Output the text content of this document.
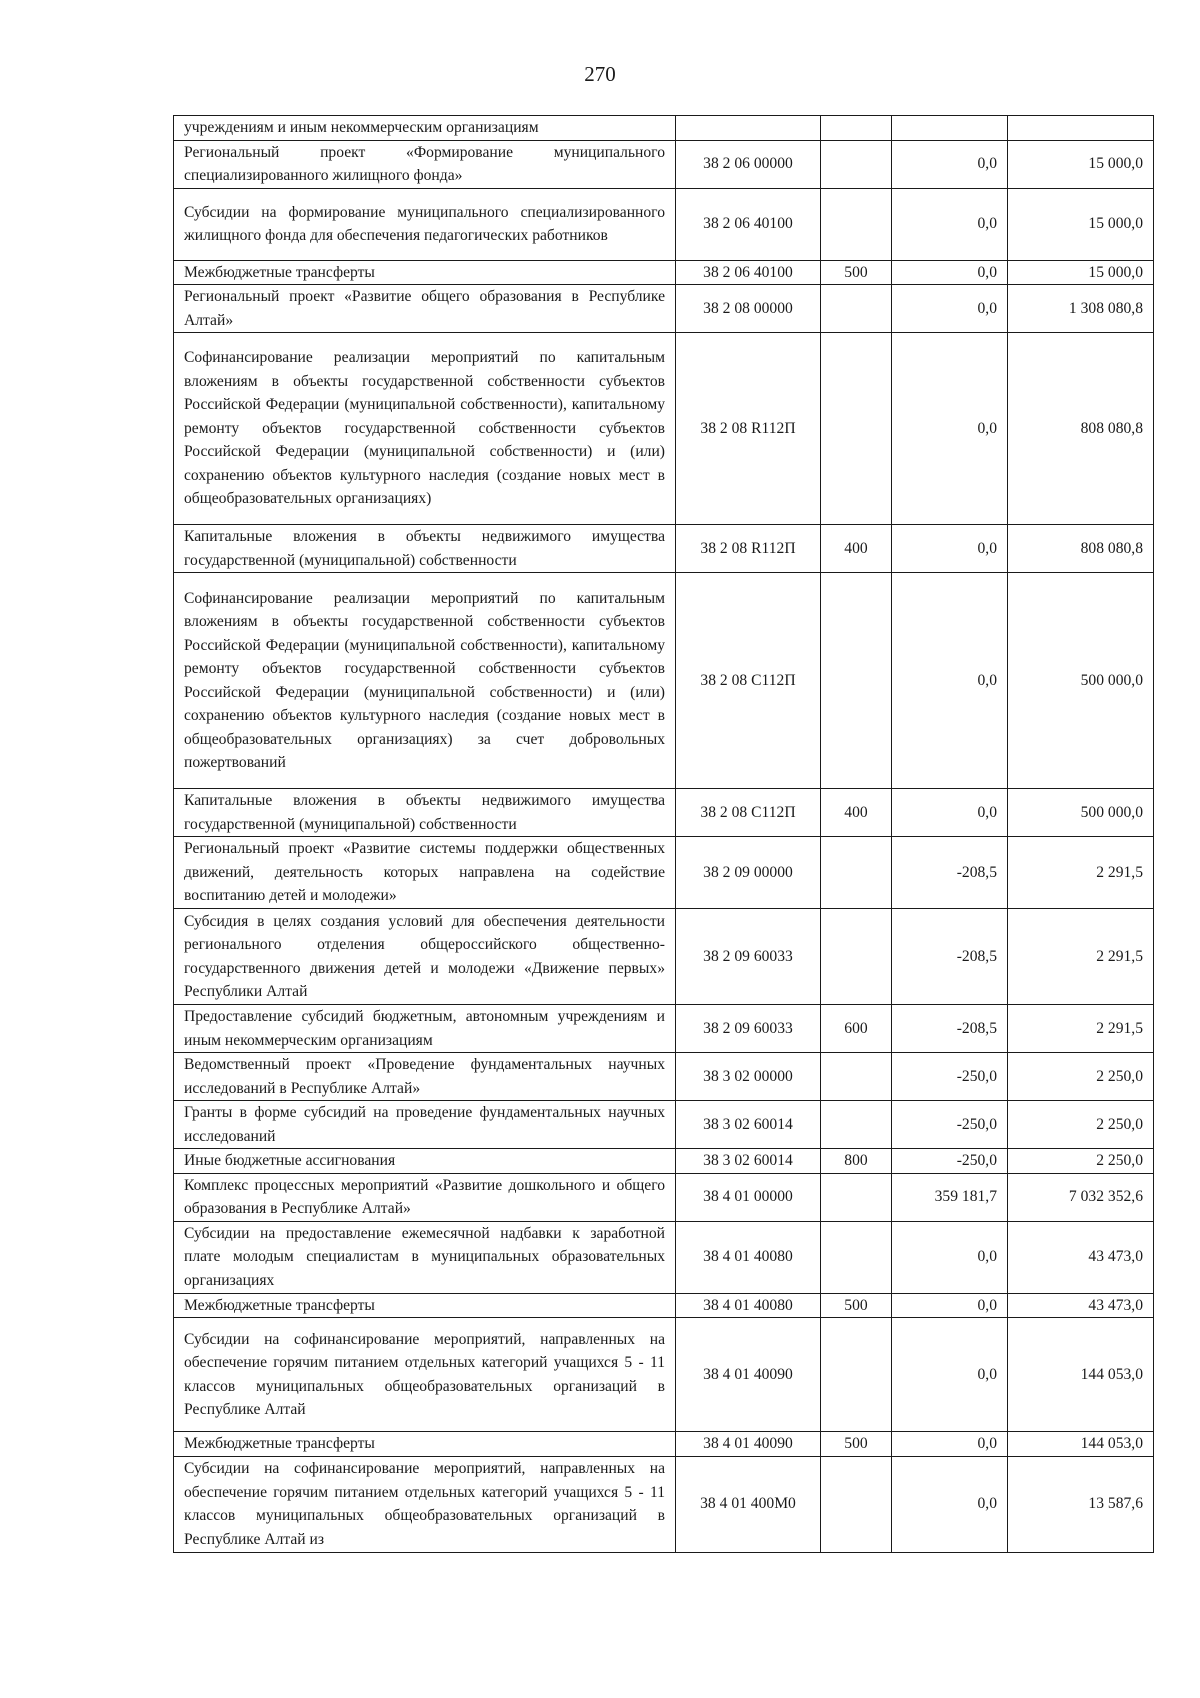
270
учреждениям и иным некоммерческим организациям				
Региональный проект «Формирование муниципального специализированного жилищного фонда»	38 2 06 00000		0,0	15 000,0
Субсидии на формирование муниципального специализированного жилищного фонда для обеспечения педагогических работников	38 2 06 40100		0,0	15 000,0
Межбюджетные трансферты	38 2 06 40100	500	0,0	15 000,0
Региональный проект «Развитие общего образования в Республике Алтай»	38 2 08 00000		0,0	1 308 080,8
Софинансирование реализации мероприятий по капитальным вложениям в объекты государственной собственности субъектов Российской Федерации (муниципальной собственности), капитальному ремонту объектов государственной собственности субъектов Российской Федерации (муниципальной собственности) и (или) сохранению объектов культурного наследия (создание новых мест в общеобразовательных организациях)	38 2 08 R112П		0,0	808 080,8
Капитальные вложения в объекты недвижимого имущества государственной (муниципальной) собственности	38 2 08 R112П	400	0,0	808 080,8
Софинансирование реализации мероприятий по капитальным вложениям в объекты государственной собственности субъектов Российской Федерации (муниципальной собственности), капитальному ремонту объектов государственной собственности субъектов Российской Федерации (муниципальной собственности) и (или) сохранению объектов культурного наследия (создание новых мест в общеобразовательных организациях) за счет добровольных пожертвований	38 2 08 С112П		0,0	500 000,0
Капитальные вложения в объекты недвижимого имущества государственной (муниципальной) собственности	38 2 08 С112П	400	0,0	500 000,0
Региональный проект «Развитие системы поддержки общественных движений, деятельность которых направлена на содействие воспитанию детей и молодежи»	38 2 09 00000		-208,5	2 291,5
Субсидия в целях создания условий для обеспечения деятельности регионального отделения общероссийского общественно-государственного движения детей и молодежи «Движение первых» Республики Алтай	38 2 09 60033		-208,5	2 291,5
Предоставление субсидий бюджетным, автономным учреждениям и иным некоммерческим организациям	38 2 09 60033	600	-208,5	2 291,5
Ведомственный проект «Проведение фундаментальных научных исследований в Республике Алтай»	38 3 02 00000		-250,0	2 250,0
Гранты в форме субсидий на проведение фундаментальных научных исследований	38 3 02 60014		-250,0	2 250,0
Иные бюджетные ассигнования	38 3 02 60014	800	-250,0	2 250,0
Комплекс процессных мероприятий «Развитие дошкольного и общего образования в Республике Алтай»	38 4 01 00000		359 181,7	7 032 352,6
Субсидии на предоставление ежемесячной надбавки к заработной плате молодым специалистам в муниципальных образовательных организациях	38 4 01 40080		0,0	43 473,0
Межбюджетные трансферты	38 4 01 40080	500	0,0	43 473,0
Субсидии на софинансирование мероприятий, направленных на обеспечение горячим питанием отдельных категорий учащихся 5 - 11 классов муниципальных общеобразовательных организаций в Республике Алтай	38 4 01 40090		0,0	144 053,0
Межбюджетные трансферты	38 4 01 40090	500	0,0	144 053,0
Субсидии на софинансирование мероприятий, направленных на обеспечение горячим питанием отдельных категорий учащихся 5 - 11 классов муниципальных общеобразовательных организаций в Республике Алтай из	38 4 01 400М0		0,0	13 587,6
